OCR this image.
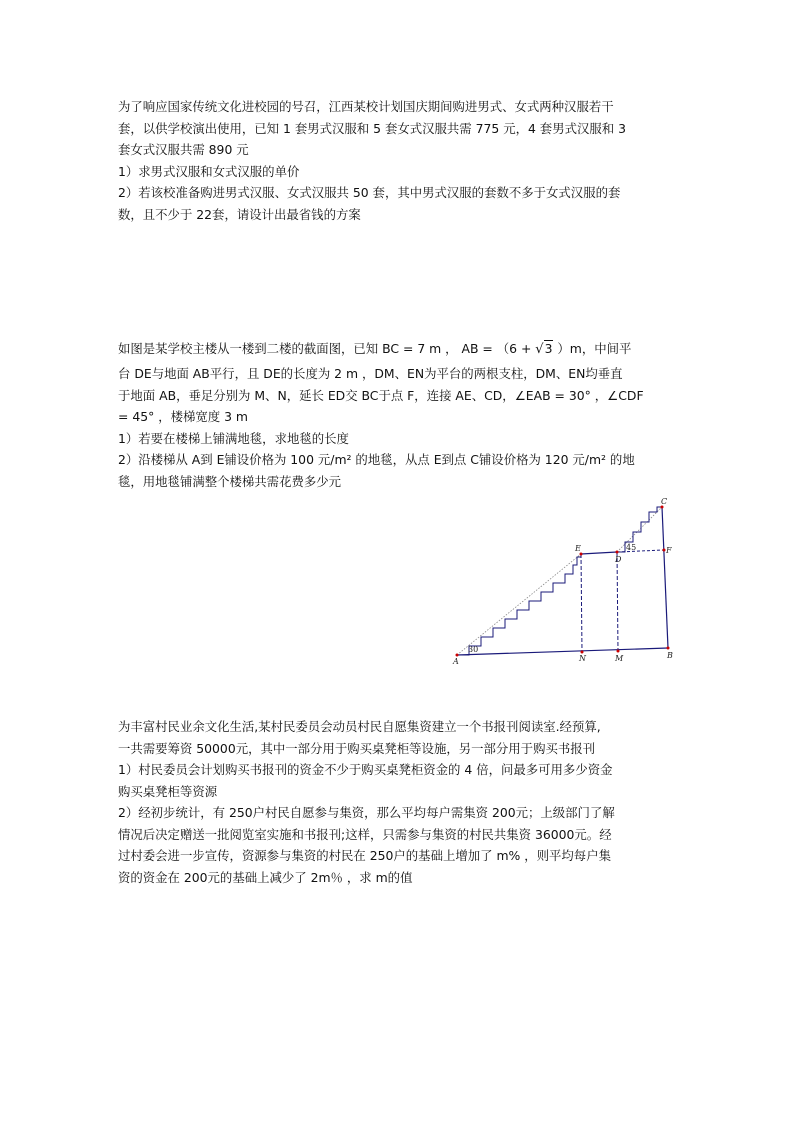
为了响应国家传统文化进校园的号召，江西某校计划国庆期间购进男式、女式两种汉服若干

套，以供学校演出使用，已知 1 套男式汉服和 5 套女式汉服共需 775 元，4 套男式汉服和 3

套女式汉服共需 890 元

1）求男式汉服和女式汉服的单价

2）若该校准备购进男式汉服、女式汉服共 50 套，其中男式汉服的套数不多于女式汉服的套

数，且不少于 22套，请设计出最省钱的方案

如图是某学校主楼从一楼到二楼的截面图，已知 BC = 7 m ， AB = （6 + √3 ）m，中间平

台 DE与地面 AB平行，且 DE的长度为 2 m ，DM、EN为平台的两根支柱，DM、EN均垂直

于地面 AB，垂足分别为 M、N，延长 ED交 BC于点 F，连接 AE、CD，∠EAB = 30° ，∠CDF

= 45° ，楼梯宽度 3 m

1）若要在楼梯上铺满地毯，求地毯的长度

2）沿楼梯从 A到 E铺设价格为 100 元/m² 的地毯，从点 E到点 C铺设价格为 120 元/m² 的地

毯，用地毯铺满整个楼梯共需花费多少元

A
B
C
D
E	F
M
N
30
45

为丰富村民业余文化生活,某村民委员会动员村民自愿集资建立一个书报刊阅读室.经预算,

一共需要筹资 50000元，其中一部分用于购买桌凳柜等设施，另一部分用于购买书报刊

1）村民委员会计划购买书报刊的资金不少于购买桌凳柜资金的 4 倍，问最多可用多少资金

购买桌凳柜等资源

2）经初步统计，有 250户村民自愿参与集资，那么平均每户需集资 200元；上级部门了解

情况后决定赠送一批阅览室实施和书报刊;这样，只需参与集资的村民共集资 36000元。经

过村委会进一步宣传，资源参与集资的村民在 250户的基础上增加了 m% ，则平均每户集

资的资金在 200元的基础上减少了 2m％ ，求 m的值
